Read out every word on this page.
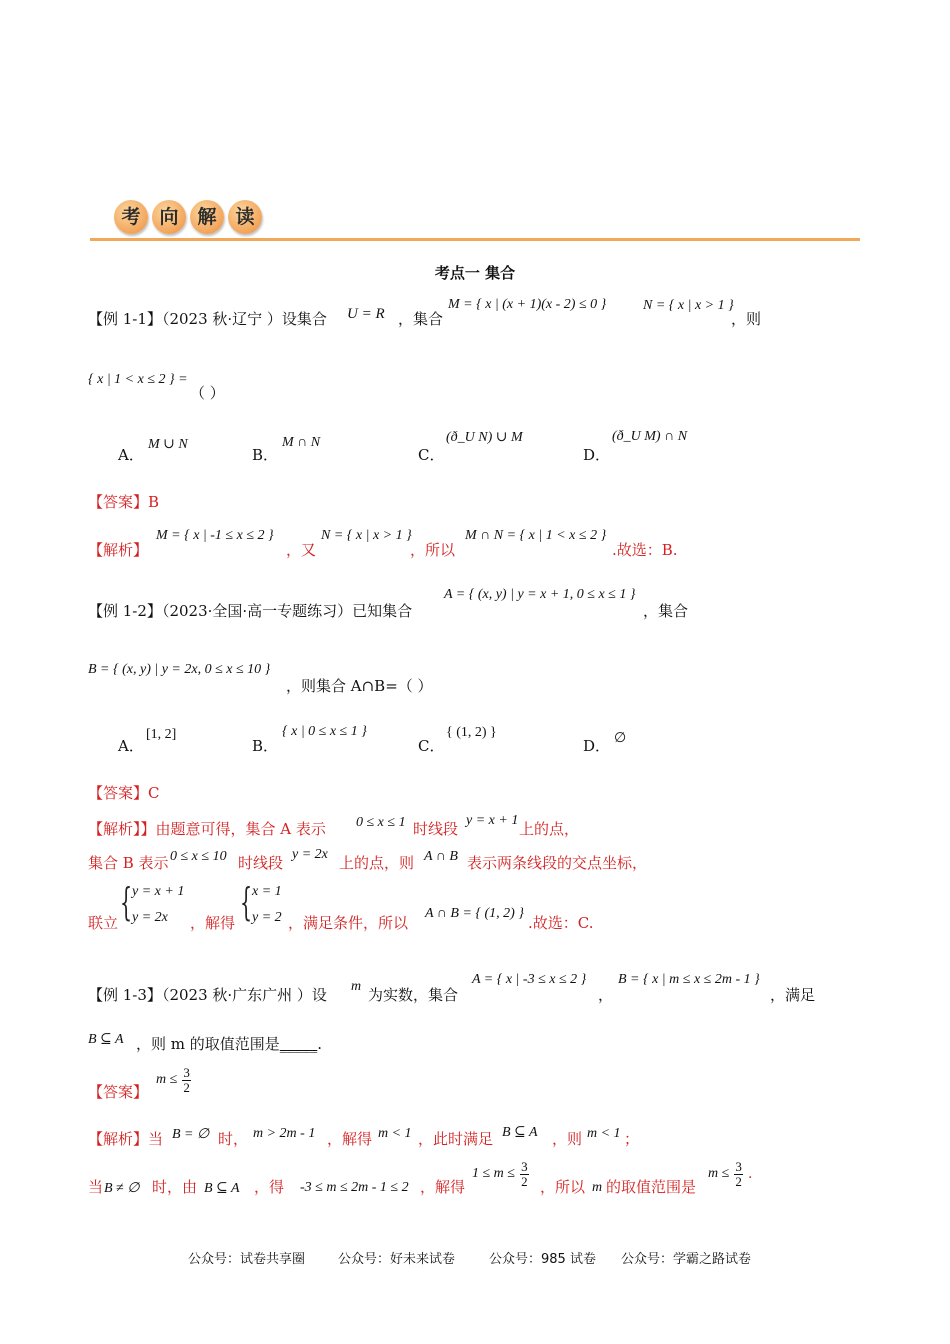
考 向 解 读
考点一 集合
【例 1-1】（2023 秋·辽宁 ）设集合 U = R ，集合
M = { x | (x + 1)(x - 2) ≤ 0 }	N = { x | x > 1 }
，则
{ x | 1 < x ≤ 2 } =
（ ）
A．
M ∪ N
B．
M ∩ N
C．
(ð_U N) ∪ M
D．
(ð_U M) ∩ N
【答案】B
【解析】
M = { x | -1 ≤ x ≤ 2 }
，又
N = { x | x > 1 }
，所以
M ∩ N = { x | 1 < x ≤ 2 }
.故选：B.
【例 1-2】（2023·全国·高一专题练习）已知集合
A = { (x, y) | y = x + 1, 0 ≤ x ≤ 1 }
，集合
B = { (x, y) | y = 2x, 0 ≤ x ≤ 10 }
，则集合 A∩B=（ ）
A．
[1, 2]
B．
{ x | 0 ≤ x ≤ 1 }
C．
{ (1, 2) }
D． ∅
【答案】C
【解析】】由题意可得，集合 A 表示 0 ≤ x ≤ 1 时线段 y = x + 1 上的点，
集合 B 表示 0 ≤ x ≤ 10 时线段 y = 2x 上的点，则 A ∩ B 表示两条线段的交点坐标，
联立 { y = x + 1
y = 2x ，解得 { x = 1
y = 2 ，满足条件，所以
A ∩ B = { (1, 2) }
.故选：C.
【例 1-3】（2023 秋·广东广州 ）设 m 为实数，集合
A = { x | -3 ≤ x ≤ 2 }
，
B = { x | m ≤ x ≤ 2m - 1 }
，满足
B ⊆ A ，则 m 的取值范围是_____.
【答案】
$m \le \frac{3}{2}$
【解析】当 B = ∅ 时， m > 2m - 1 ，解得 m < 1 ，此时满足 B ⊆ A ，则 m < 1 ；
当 B ≠ ∅ 时，由 B ⊆ A ，得 -3 ≤ m ≤ 2m - 1 ≤ 2 ，解得
$1 \le m \le \frac{3}{2}$ ，所以 m 的取值范围是
$m \le \frac{3}{2}$ .
公众号：试卷共享圈	公众号：好未来试卷	公众号：985 试卷 公众号：学霸之路试卷
